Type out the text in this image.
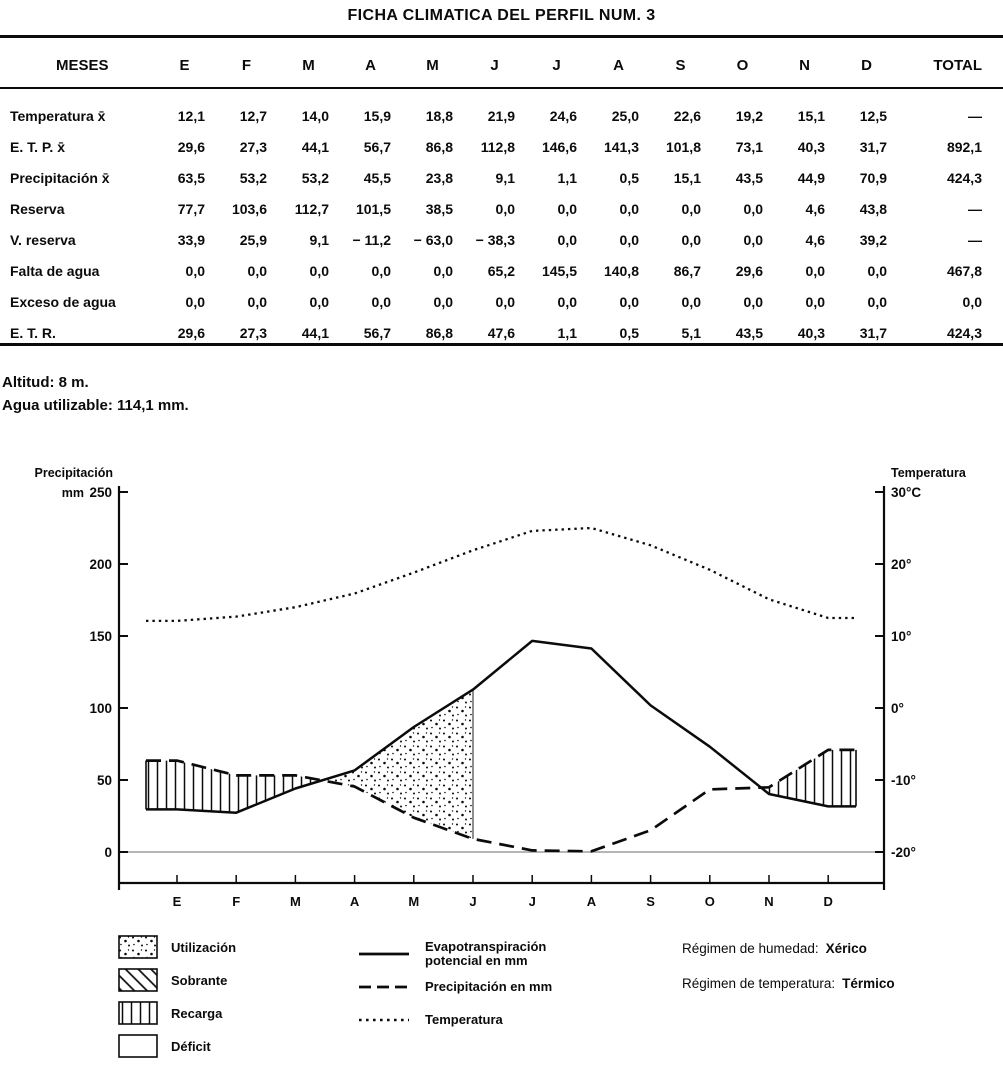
FICHA CLIMATICA DEL PERFIL NUM. 3
MESES	E	F	M	A	M	J	J	A	S	O	N	D	TOTAL

Temperatura x̄	12,1	12,7	14,0	15,9	18,8	21,9	24,6	25,0	22,6	19,2	15,1	12,5	—
E. T. P. x̄	29,6	27,3	44,1	56,7	86,8	112,8	146,6	141,3	101,8	73,1	40,3	31,7	892,1
Precipitación x̄	63,5	53,2	53,2	45,5	23,8	9,1	1,1	0,5	15,1	43,5	44,9	70,9	424,3
Reserva	77,7	103,6	112,7	101,5	38,5	0,0	0,0	0,0	0,0	0,0	4,6	43,8	—
V. reserva	33,9	25,9	9,1	− 11,2	− 63,0	− 38,3	0,0	0,0	0,0	0,0	4,6	39,2	—
Falta de agua	0,0	0,0	0,0	0,0	0,0	65,2	145,5	140,8	86,7	29,6	0,0	0,0	467,8
Exceso de agua	0,0	0,0	0,0	0,0	0,0	0,0	0,0	0,0	0,0	0,0	0,0	0,0	0,0
E. T. R.	29,6	27,3	44,1	56,7	86,8	47,6	1,1	0,5	5,1	43,5	40,3	31,7	424,3
Altitud: 8 m.
Agua utilizable: 114,1 mm.
250
200
150
100
50
0
30°C
20°
10°
0°
-10°
-20°
E	F	M	A	M	J	J	A	S	O	N	D
Precipitación
mm
Temperatura
Utilización
Sobrante
Recarga
Déficit
Evapotranspiración
potencial en mm
Precipitación en mm
Temperatura
Régimen de humedad: Xérico
Régimen de temperatura: Térmico
